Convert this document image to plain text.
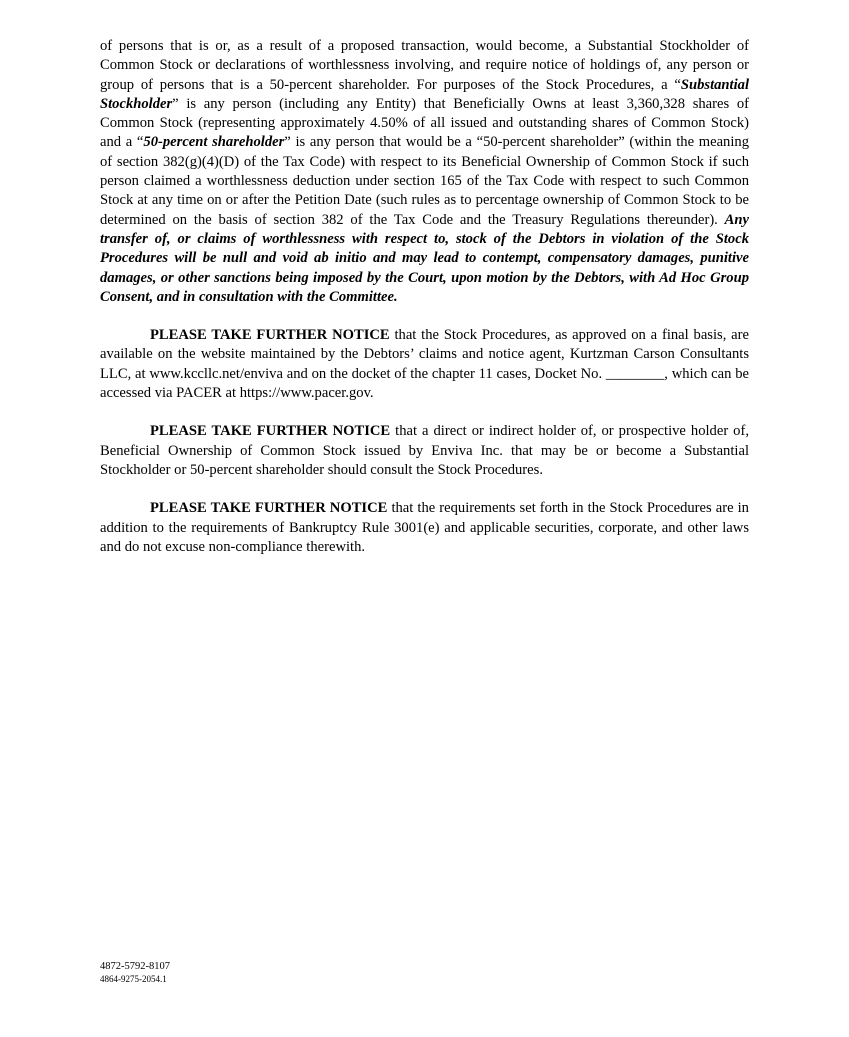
of persons that is or, as a result of a proposed transaction, would become, a Substantial Stockholder of Common Stock or declarations of worthlessness involving, and require notice of holdings of, any person or group of persons that is a 50-percent shareholder. For purposes of the Stock Procedures, a “Substantial Stockholder” is any person (including any Entity) that Beneficially Owns at least 3,360,328 shares of Common Stock (representing approximately 4.50% of all issued and outstanding shares of Common Stock) and a “50-percent shareholder” is any person that would be a “50-percent shareholder” (within the meaning of section 382(g)(4)(D) of the Tax Code) with respect to its Beneficial Ownership of Common Stock if such person claimed a worthlessness deduction under section 165 of the Tax Code with respect to such Common Stock at any time on or after the Petition Date (such rules as to percentage ownership of Common Stock to be determined on the basis of section 382 of the Tax Code and the Treasury Regulations thereunder). Any transfer of, or claims of worthlessness with respect to, stock of the Debtors in violation of the Stock Procedures will be null and void ab initio and may lead to contempt, compensatory damages, punitive damages, or other sanctions being imposed by the Court, upon motion by the Debtors, with Ad Hoc Group Consent, and in consultation with the Committee.

PLEASE TAKE FURTHER NOTICE that the Stock Procedures, as approved on a final basis, are available on the website maintained by the Debtors’ claims and notice agent, Kurtzman Carson Consultants LLC, at www.kccllc.net/enviva and on the docket of the chapter 11 cases, Docket No. ________, which can be accessed via PACER at https://www.pacer.gov.

PLEASE TAKE FURTHER NOTICE that a direct or indirect holder of, or prospective holder of, Beneficial Ownership of Common Stock issued by Enviva Inc. that may be or become a Substantial Stockholder or 50-percent shareholder should consult the Stock Procedures.

PLEASE TAKE FURTHER NOTICE that the requirements set forth in the Stock Procedures are in addition to the requirements of Bankruptcy Rule 3001(e) and applicable securities, corporate, and other laws and do not excuse non-compliance therewith.

4872-5792-8107
4864-9275-2054.1
